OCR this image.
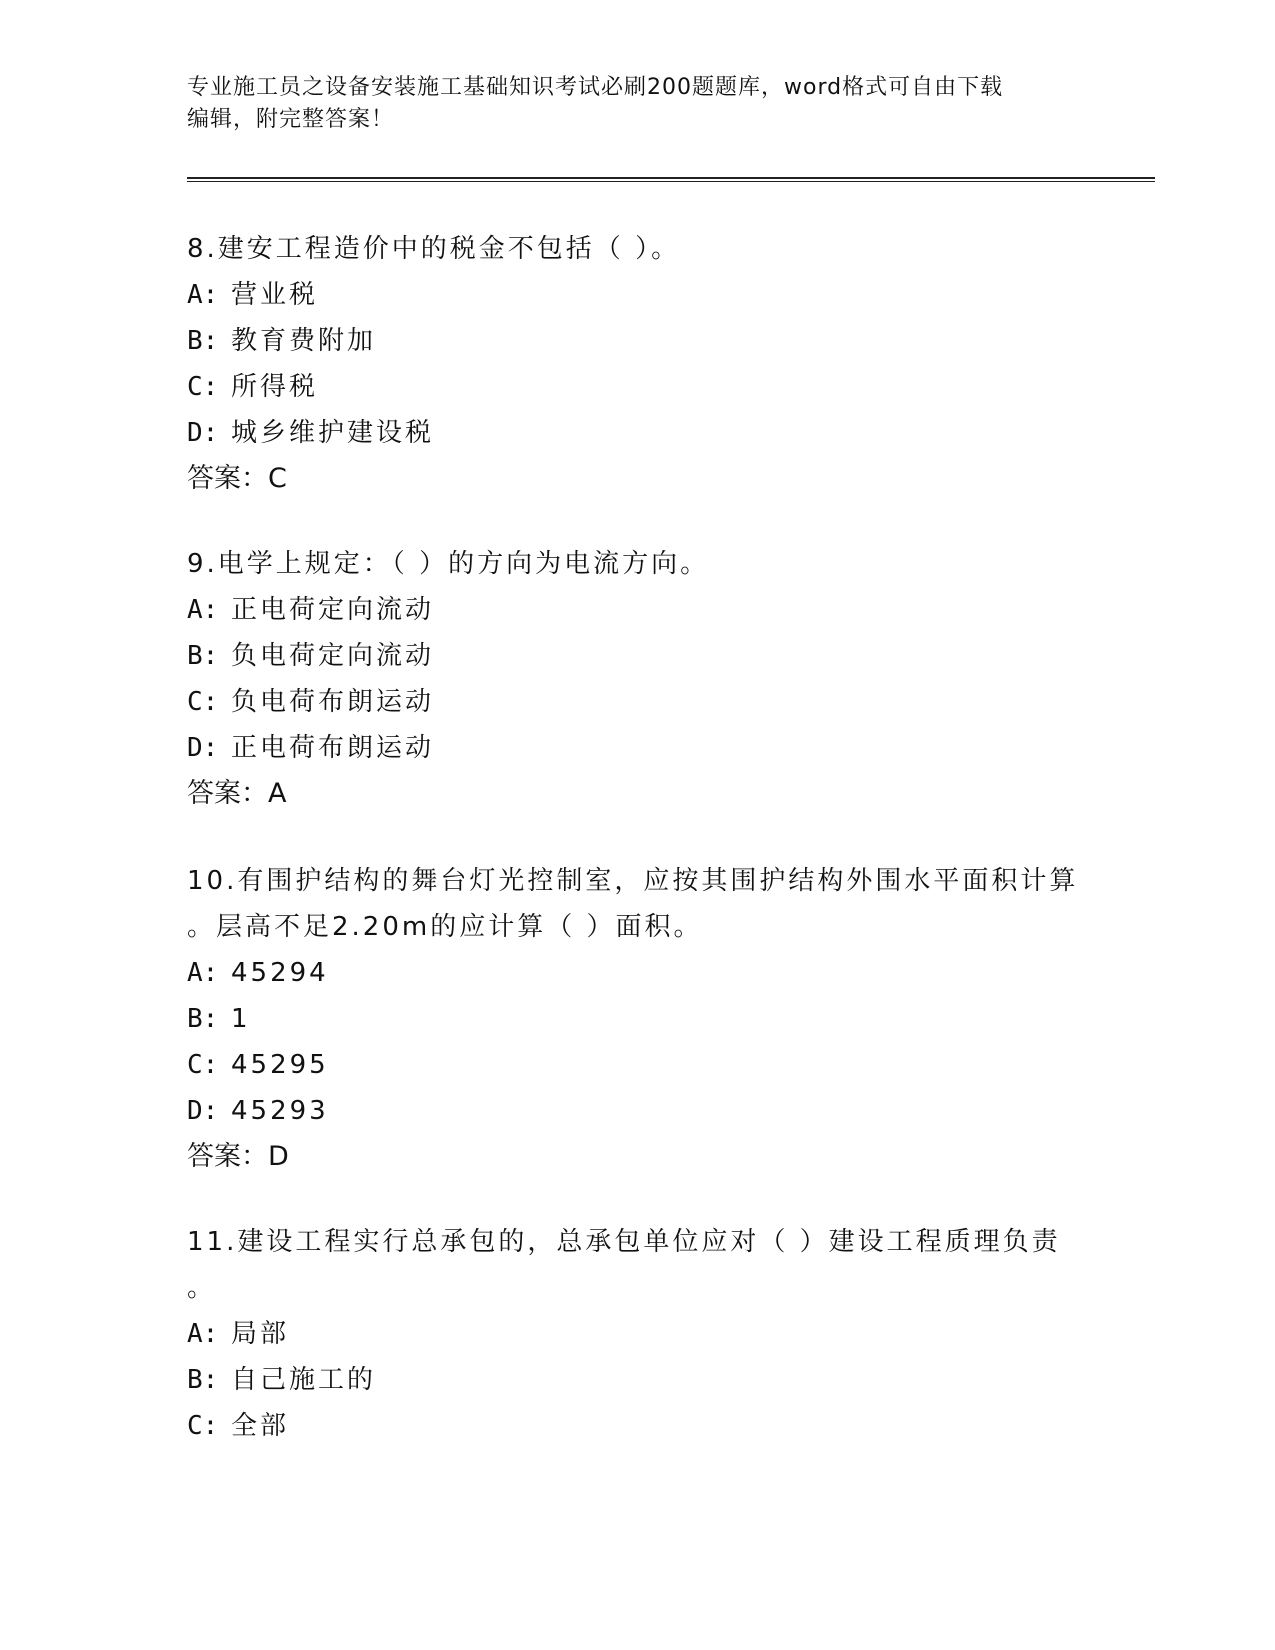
专业施工员之设备安装施工基础知识考试必刷200题题库，word格式可自由下载
编辑，附完整答案！
8.建安工程造价中的税金不包括（ ）。
A: 营业税
B: 教育费附加
C: 所得税
D: 城乡维护建设税
答案：C
9.电学上规定：（ ）的方向为电流方向。
A: 正电荷定向流动
B: 负电荷定向流动
C: 负电荷布朗运动
D: 正电荷布朗运动
答案：A
10.有围护结构的舞台灯光控制室，应按其围护结构外围水平面积计算
。层高不足2.20m的应计算（ ）面积。
A: 45294
B: 1
C: 45295
D: 45293
答案：D
11.建设工程实行总承包的，总承包单位应对（ ）建设工程质理负责
。
A: 局部
B: 自己施工的
C: 全部
